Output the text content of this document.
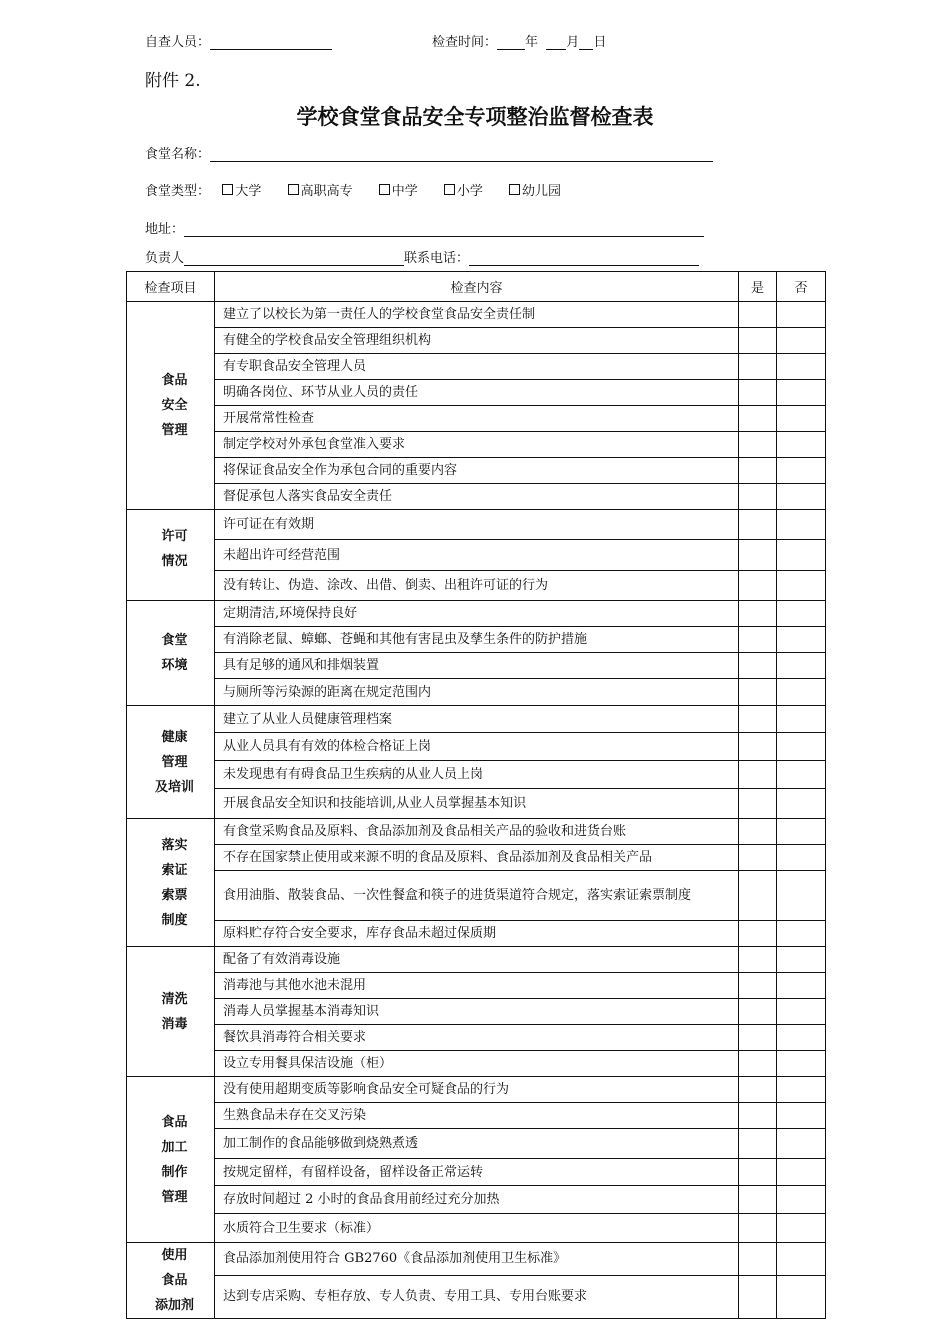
自查人员：	检查时间： 年 月 日
附件 2.
学校食堂食品安全专项整治监督检查表
食堂名称：
食堂类型： 大学	高职高专	中学	小学	幼儿园
地址：
负责人	联系电话：
检查项目	检查内容	是	否

食品
安全
管理	建立了以校长为第一责任人的学校食堂食品安全责任制		
	有健全的学校食品安全管理组织机构		
	有专职食品安全管理人员		
	明确各岗位、环节从业人员的责任		
	开展常常性检查		
	制定学校对外承包食堂准入要求		
	将保证食品安全作为承包合同的重要内容		
	督促承包人落实食品安全责任		

许可
情况	许可证在有效期		
	未超出许可经营范围		
	没有转让、伪造、涂改、出借、倒卖、出租许可证的行为		

食堂
环境	定期清洁,环境保持良好		
	有消除老鼠、蟑螂、苍蝇和其他有害昆虫及孳生条件的防护措施		
	具有足够的通风和排烟装置		
	与厕所等污染源的距离在规定范围内		

健康
管理
及培训	建立了从业人员健康管理档案		
	从业人员具有有效的体检合格证上岗		
	未发现患有有碍食品卫生疾病的从业人员上岗		
	开展食品安全知识和技能培训,从业人员掌握基本知识		

落实
索证
索票
制度	有食堂采购食品及原料、食品添加剂及食品相关产品的验收和进货台账		
	不存在国家禁止使用或来源不明的食品及原料、食品添加剂及食品相关产品		
	食用油脂、散装食品、一次性餐盒和筷子的进货渠道符合规定，落实索证索票制度		
	原料贮存符合安全要求，库存食品未超过保质期		

清洗
消毒	配备了有效消毒设施		
	消毒池与其他水池未混用		
	消毒人员掌握基本消毒知识		
	餐饮具消毒符合相关要求		
	设立专用餐具保洁设施（柜）		

食品
加工
制作
管理	没有使用超期变质等影响食品安全可疑食品的行为		
	生熟食品未存在交叉污染		
	加工制作的食品能够做到烧熟煮透		
	按规定留样，有留样设备，留样设备正常运转		
	存放时间超过 2 小时的食品食用前经过充分加热		
	水质符合卫生要求（标准）		

使用
食品
添加剂	食品添加剂使用符合 GB2760《食品添加剂使用卫生标准》		
	达到专店采购、专柜存放、专人负责、专用工具、专用台账要求		
